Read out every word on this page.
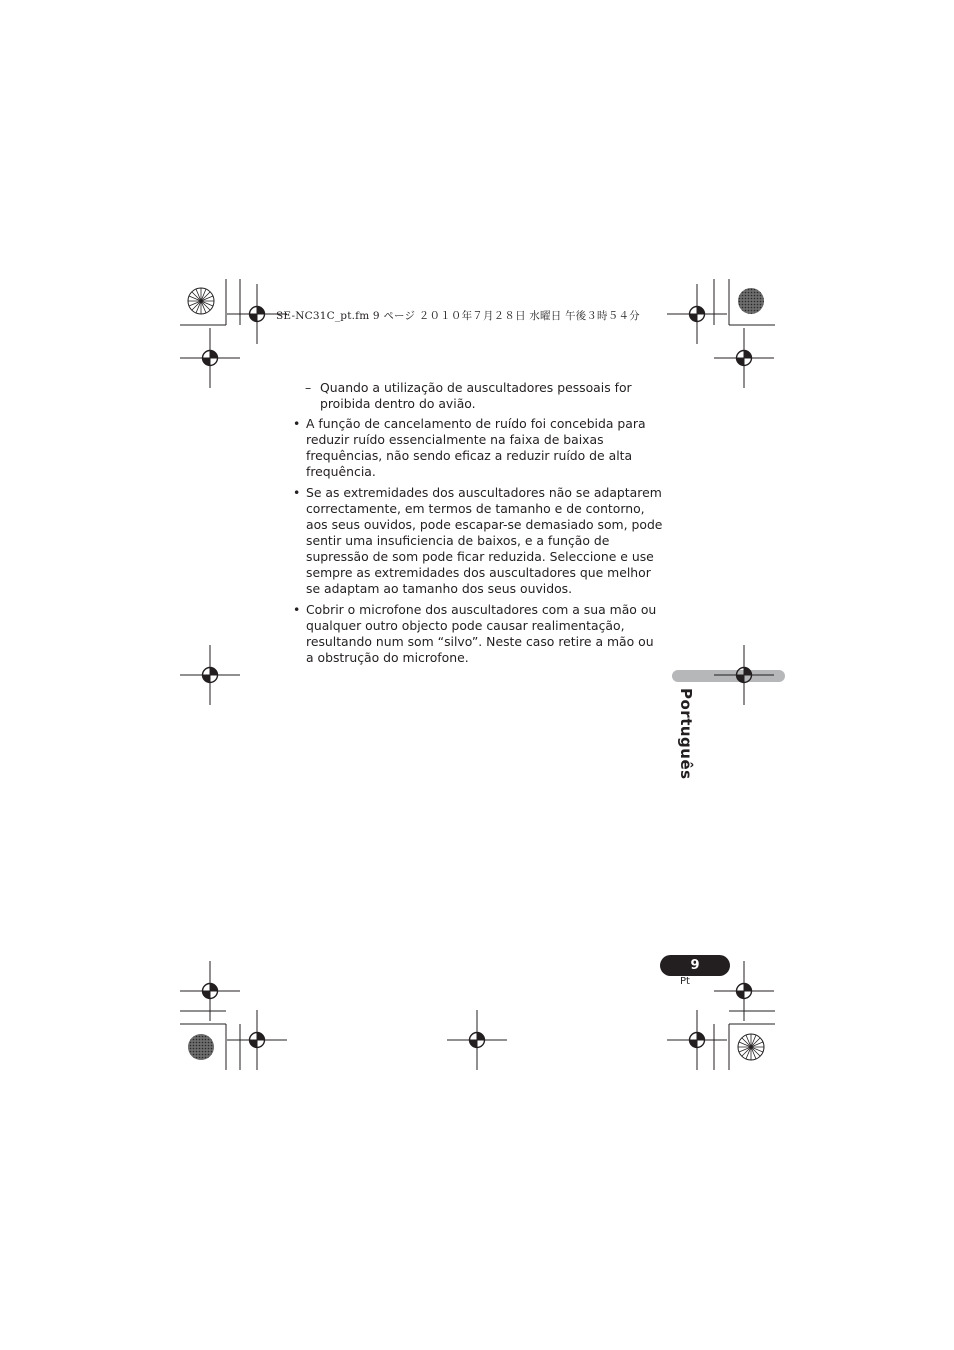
SE-NC31C_pt.fm 9 ページ ２０１０年７月２８日 水曜日 午後３時５４分
– Quando a utilização de auscultadores pessoais for proibida dentro do avião.
• A função de cancelamento de ruído foi concebida para reduzir ruído essencialmente na faixa de baixas frequências, não sendo eficaz a reduzir ruído de alta frequência.
• Se as extremidades dos auscultadores não se adaptarem correctamente, em termos de tamanho e de contorno, aos seus ouvidos, pode escapar-se demasiado som, pode sentir uma insuficiencia de baixos, e a função de supressão de som pode ficar reduzida. Seleccione e use sempre as extremidades dos auscultadores que melhor se adaptam ao tamanho dos seus ouvidos.
• Cobrir o microfone dos auscultadores com a sua mão ou qualquer outro objecto pode causar realimentação, resultando num som “silvo”. Neste caso retire a mão ou a obstrução do microfone.
Português
9
Pt
